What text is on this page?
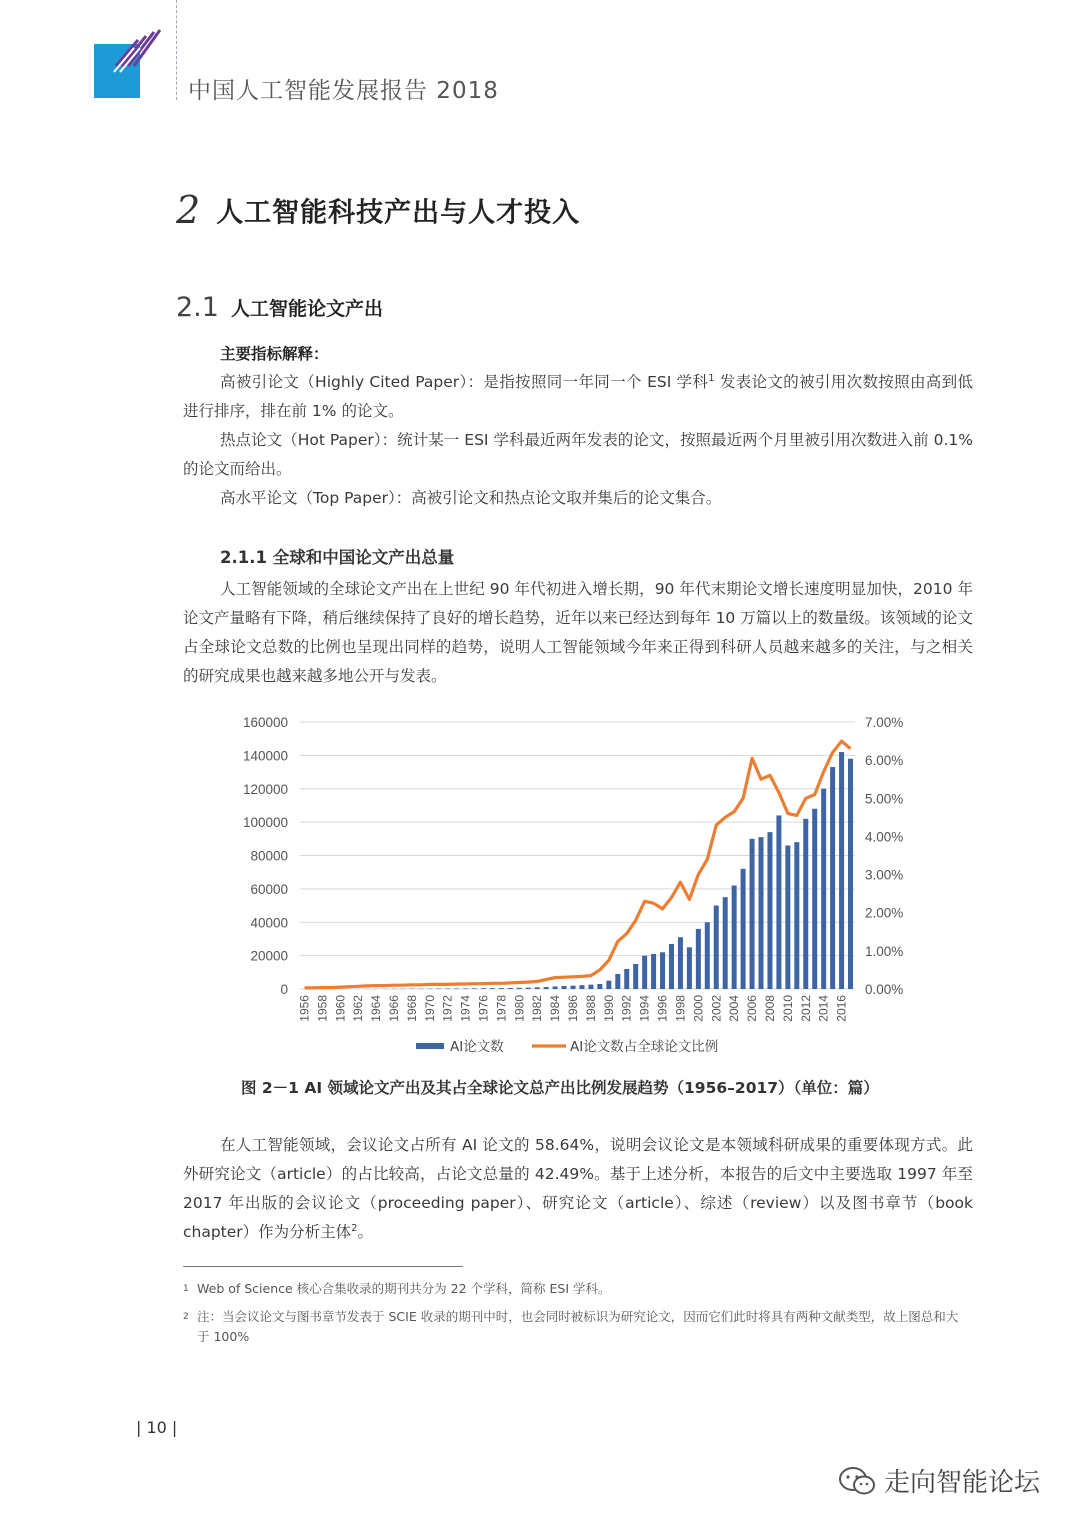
中国人工智能发展报告 2018
2 人工智能科技产出与人才投入
2.1 人工智能论文产出
主要指标解释：

高被引论文（Highly Cited Paper）：是指按照同一年同一个 ESI 学科$^1$ 发表论文的被引用次数按照由高到低进行排序，排在前 1% 的论文。

热点论文（Hot Paper）：统计某一 ESI 学科最近两年发表的论文，按照最近两个月里被引用次数进入前 0.1% 的论文而给出。

高水平论文（Top Paper）：高被引论文和热点论文取并集后的论文集合。

2.1.1 全球和中国论文产出总量

人工智能领域的全球论文产出在上世纪 90 年代初进入增长期，90 年代末期论文增长速度明显加快，2010 年论文产量略有下降，稍后继续保持了良好的增长趋势，近年以来已经达到每年 10 万篇以上的数量级。该领域的论文占全球论文总数的比例也呈现出同样的趋势，说明人工智能领域今年来正得到科研人员越来越多的关注，与之相关的研究成果也越来越多地公开与发表。

0
20000
40000
60000
80000
100000
120000
140000
160000
0.00%
1.00%
2.00%
3.00%
4.00%
5.00%
6.00%
7.00%
1956 1958 1960 1962 1964 1966 1968 1970 1972 1974 1976 1978 1980 1982 1984 1986 1988 1990 1992 1994 1996 1998 2000 2002 2004 2006 2008 2010 2012 2014 2016
AI论文数	AI论文数占全球论文比例
图 2－1 AI 领域论文产出及其占全球论文总产出比例发展趋势（1956–2017）（单位：篇）

在人工智能领域，会议论文占所有 AI 论文的 58.64%，说明会议论文是本领域科研成果的重要体现方式。此外研究论文（article）的占比较高，占论文总量的 42.49%。基于上述分析，本报告的后文中主要选取 1997 年至 2017 年出版的会议论文（proceeding paper）、研究论文（article）、综述（review）以及图书章节（book chapter）作为分析主体$^2$。

1 Web of Science 核心合集收录的期刊共分为 22 个学科，简称 ESI 学科。
2 注：当会议论文与图书章节发表于 SCIE 收录的期刊中时，也会同时被标识为研究论文，因而它们此时将具有两种文献类型，故上图总和大于 100%
| 10 |
走向智能论坛
